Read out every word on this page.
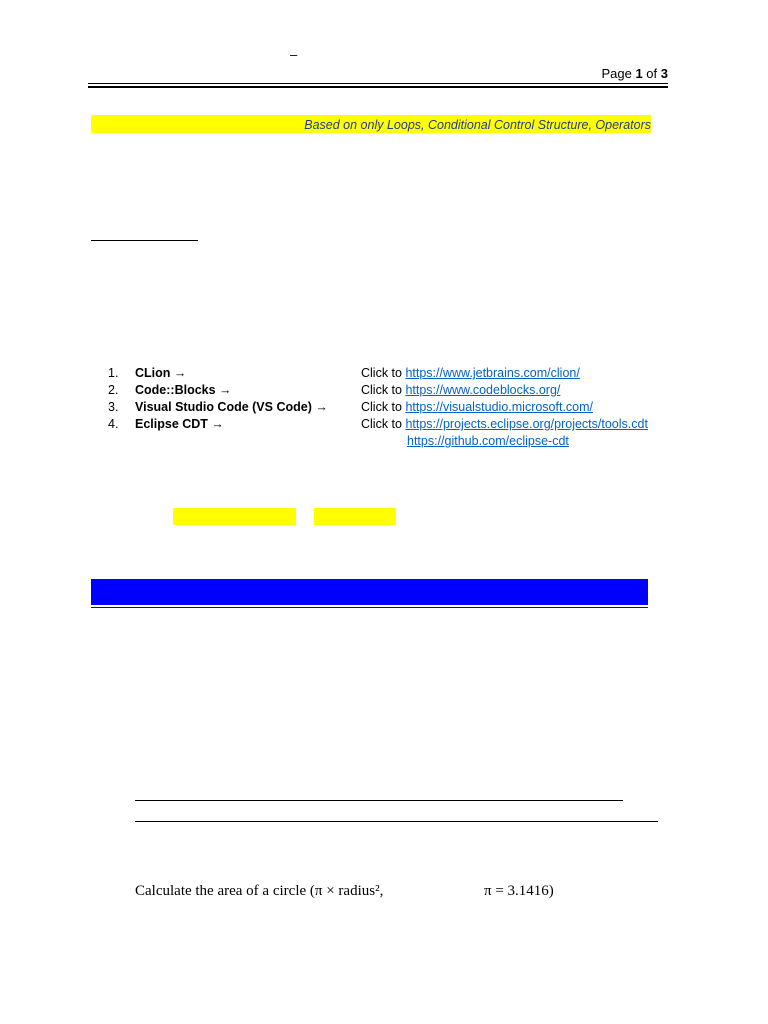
–
Page 1 of 3
Based on only Loops, Conditional Control Structure, Operators
1. CLion →
2. Code::Blocks →
3. Visual Studio Code (VS Code) →
4. Eclipse CDT →
Click to https://www.jetbrains.com/clion/
Click to https://www.codeblocks.org/
Click to https://visualstudio.microsoft.com/
Click to https://projects.eclipse.org/projects/tools.cdt
https://github.com/eclipse-cdt
Calculate the area of a circle (π × radius²,	π = 3.1416)
